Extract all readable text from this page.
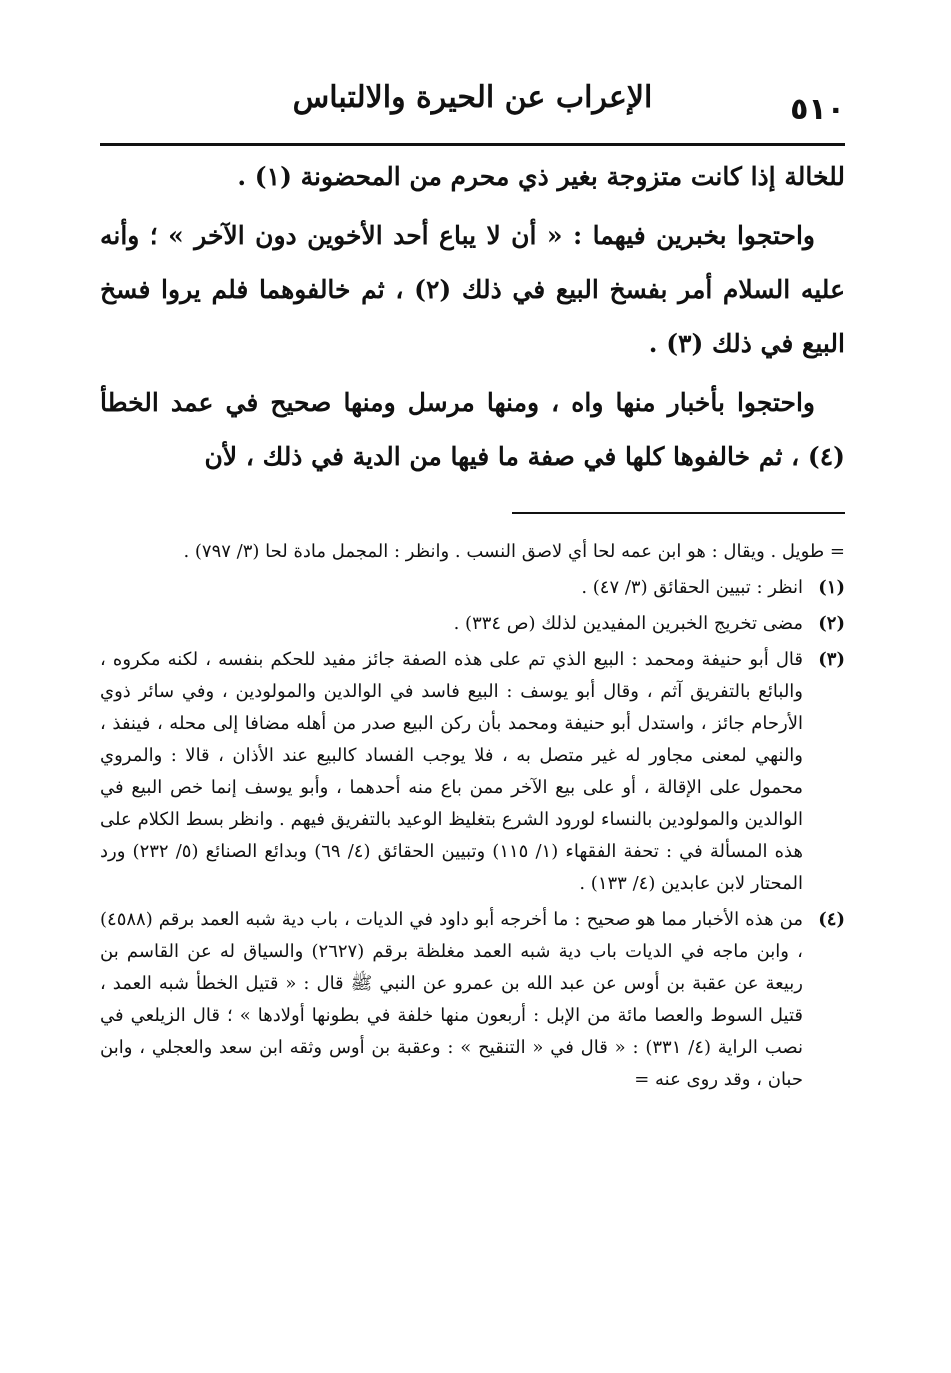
٥١٠
الإعراب عن الحيرة والالتباس

للخالة إذا كانت متزوجة بغير ذي محرم من المحضونة (١) .

واحتجوا بخبرين فيهما : « أن لا يباع أحد الأخوين دون الآخر » ؛ وأنه عليه السلام أمر بفسخ البيع في ذلك (٢) ، ثم خالفوهما فلم يروا فسخ البيع في ذلك (٣) .

واحتجوا بأخبار منها واه ، ومنها مرسل ومنها صحيح في عمد الخطأ (٤) ، ثم خالفوها كلها في صفة ما فيها من الدية في ذلك ، لأن

= طويل . ويقال : هو ابن عمه لحا أي لاصق النسب . وانظر : المجمل مادة لحا (٣/ ٧٩٧) .

(١)
انظر : تبيين الحقائق (٣/ ٤٧) .
(٢)
مضى تخريج الخبرين المفيدين لذلك (ص ٣٣٤) .
(٣)
قال أبو حنيفة ومحمد : البيع الذي تم على هذه الصفة جائز مفيد للحكم بنفسه ، لكنه مكروه ، والبائع بالتفريق آثم ، وقال أبو يوسف : البيع فاسد في الوالدين والمولودين ، وفي سائر ذوي الأرحام جائز ، واستدل أبو حنيفة ومحمد بأن ركن البيع صدر من أهله مضافا إلى محله ، فينفذ ، والنهي لمعنى مجاور له غير متصل به ، فلا يوجب الفساد كالبيع عند الأذان ، قالا : والمروي محمول على الإقالة ، أو على بيع الآخر ممن باع منه أحدهما ، وأبو يوسف إنما خص البيع في الوالدين والمولودين بالنساء لورود الشرع بتغليظ الوعيد بالتفريق فيهم . وانظر بسط الكلام على هذه المسألة في : تحفة الفقهاء (١/ ١١٥) وتبيين الحقائق (٤/ ٦٩) وبدائع الصنائع (٥/ ٢٣٢) ورد المحتار لابن عابدين (٤/ ١٣٣) .
(٤)
من هذه الأخبار مما هو صحيح : ما أخرجه أبو داود في الديات ، باب دية شبه العمد برقم (٤٥٨٨) ، وابن ماجه في الديات باب دية شبه العمد مغلظة برقم (٢٦٢٧) والسياق له عن القاسم بن ربيعة عن عقبة بن أوس عن عبد الله بن عمرو عن النبي ﷺ قال : « قتيل الخطأ شبه العمد ، قتيل السوط والعصا مائة من الإبل : أربعون منها خلفة في بطونها أولادها » ؛ قال الزيلعي في نصب الراية (٤/ ٣٣١) : « قال في « التنقيح » : وعقبة بن أوس وثقه ابن سعد والعجلي ، وابن حبان ، وقد روى عنه =
